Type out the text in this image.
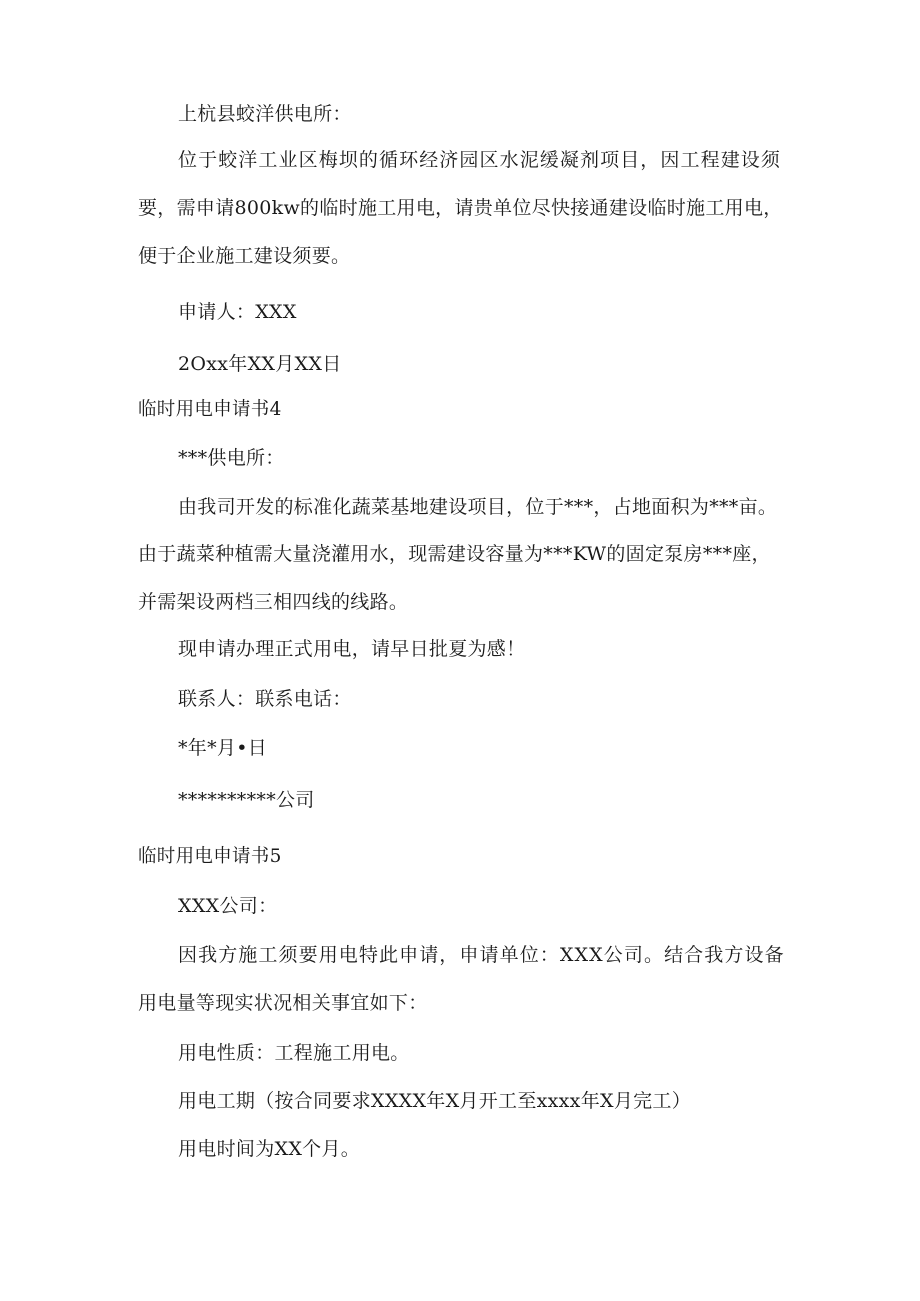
上杭县蛟洋供电所：
位于蛟洋工业区梅坝的循环经济园区水泥缓凝剂项目，因工程建设须
要，需申请800kw的临时施工用电，请贵单位尽快接通建设临时施工用电，
便于企业施工建设须要。
申请人：XXX
2Oxx年XX月XX日
临时用电申请书4
***供电所：
由我司开发的标准化蔬菜基地建设项目，位于***，占地面积为***亩。
由于蔬菜种植需大量浇灌用水，现需建设容量为***KW的固定泵房***座，
并需架设两档三相四线的线路。
现申请办理正式用电，请早日批夏为感！
联系人：联系电话：
*年*月•日
**********公司
临时用电申请书5
XXX公司：
因我方施工须要用电特此申请，申请单位：XXX公司。结合我方设备
用电量等现实状况相关事宜如下：
用电性质：工程施工用电。
用电工期（按合同要求XXXX年X月开工至xxxx年X月完工）
用电时间为XX个月。
